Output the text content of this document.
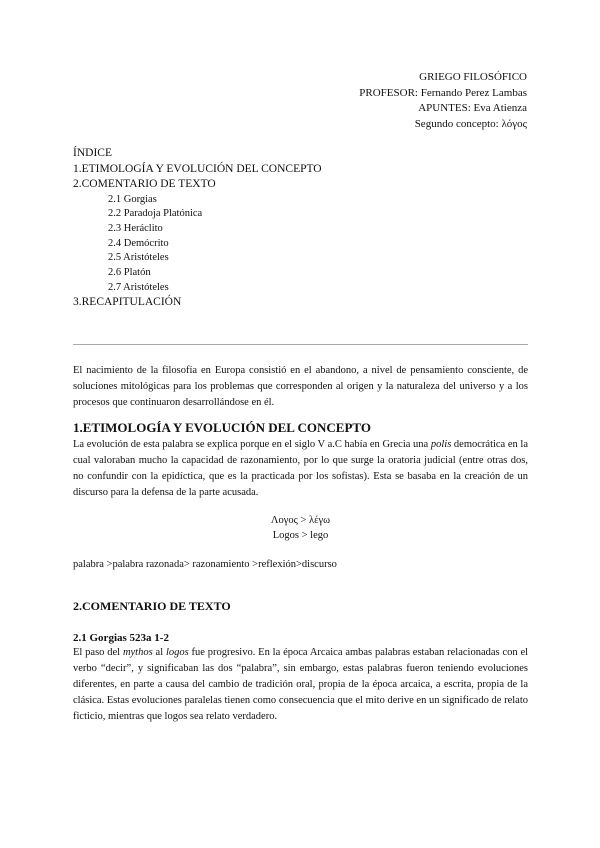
GRIEGO FILOSÓFICO
PROFESOR: Fernando Perez Lambas
APUNTES: Eva Atienza
Segundo concepto: λόγος
ÍNDICE
1.ETIMOLOGÍA Y EVOLUCIÓN DEL CONCEPTO
2.COMENTARIO DE TEXTO
2.1 Gorgias
2.2 Paradoja Platónica
2.3 Heráclito
2.4 Demócrito
2.5 Aristóteles
2.6 Platón
2.7 Aristóteles
3.RECAPITULACIÓN
El nacimiento de la filosofía en Europa consistió en el abandono, a nivel de pensamiento consciente, de soluciones mitológicas para los problemas que corresponden al origen y la naturaleza del universo y a los procesos que continuaron desarrollándose en él.
1.ETIMOLOGÍA Y EVOLUCIÓN DEL CONCEPTO
La evolución de esta palabra se explica porque en el siglo V a.C había en Grecia una polis democrática en la cual valoraban mucho la capacidad de razonamiento, por lo que surge la oratoria judicial (entre otras dos, no confundir con la epidíctica, que es la practicada por los sofistas). Esta se basaba en la creación de un discurso para la defensa de la parte acusada.
Λογος > λέγω
Logos > lego
palabra >palabra razonada> razonamiento >reflexión>discurso
2.COMENTARIO DE TEXTO
2.1 Gorgias 523a 1-2
El paso del mythos al logos fue progresivo. En la época Arcaica ambas palabras estaban relacionadas con el verbo “decir”, y significaban las dos “palabra”, sin embargo, estas palabras fueron teniendo evoluciones diferentes, en parte a causa del cambio de tradición oral, propia de la época arcaica, a escrita, propia de la clásica. Estas evoluciones paralelas tienen como consecuencia que el mito derive en un significado de relato ficticio, mientras que logos sea relato verdadero.
